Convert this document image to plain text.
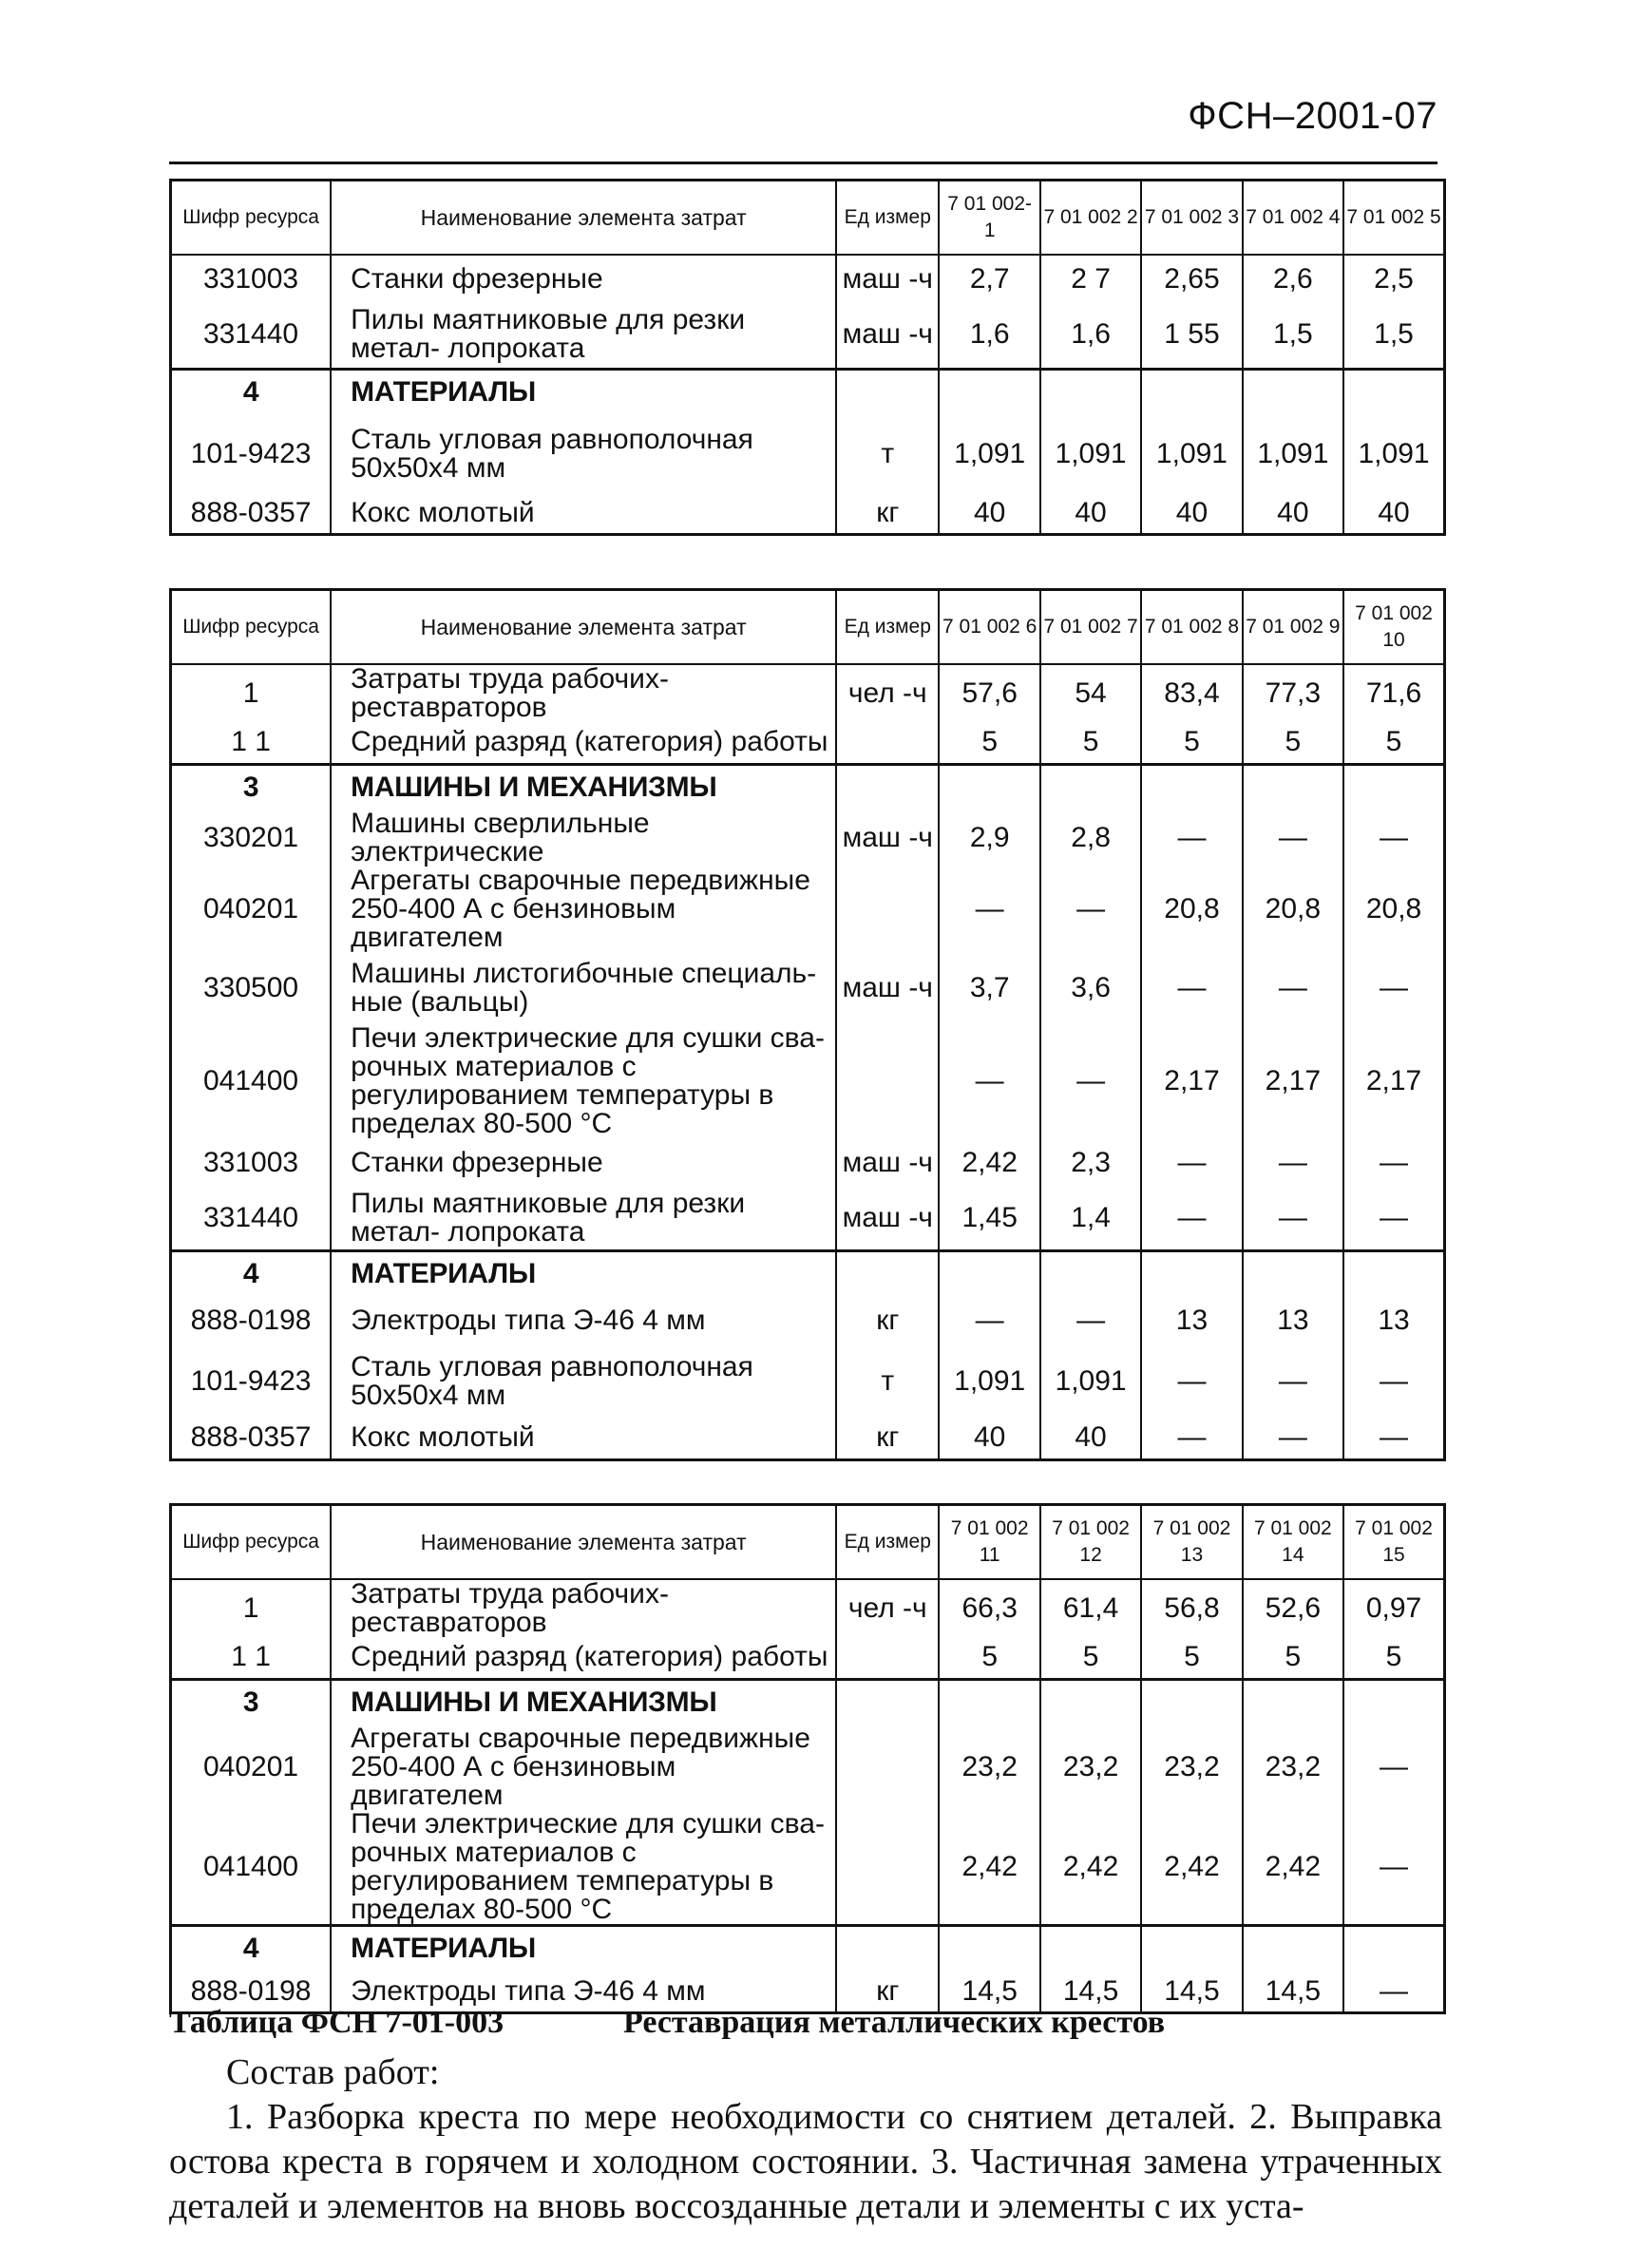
ФСН–2001-07
Шифр ресурса	Наименование элемента затрат	Ед измер	7 01 002-1	7 01 002 2	7 01 002 3	7 01 002 4	7 01 002 5
331003	Станки фрезерные	маш -ч	2,7	2 7	2,65	2,6	2,5
331440	Пилы маятниковые для резки метал- лопроката	маш -ч	1,6	1,6	1 55	1,5	1,5
4	МАТЕРИАЛЫ						
101-9423	Сталь угловая равнополочная 50x50x4 мм	т	1,091	1,091	1,091	1,091	1,091
888-0357	Кокс молотый	кг	40	40	40	40	40
Шифр ресурса	Наименование элемента затрат	Ед измер	7 01 002 6	7 01 002 7	7 01 002 8	7 01 002 9	7 01 002 10
1	Затраты труда рабочих-реставраторов	чел -ч	57,6	54	83,4	77,3	71,6
1 1	Средний разряд (категория) работы		5	5	5	5	5
3	МАШИНЫ И МЕХАНИЗМЫ						
330201	Машины сверлильные электрические	маш -ч	2,9	2,8	—	—	—
040201	Агрегаты сварочные передвижные 250-400 А с бензиновым двигателем		—	—	20,8	20,8	20,8
330500	Машины листогибочные специаль- ные (вальцы)	маш -ч	3,7	3,6	—	—	—
041400	Печи электрические для сушки сва- рочных материалов с регулированием температуры в пределах 80-500 °С		—	—	2,17	2,17	2,17
331003	Станки фрезерные	маш -ч	2,42	2,3	—	—	—
331440	Пилы маятниковые для резки метал- лопроката	маш -ч	1,45	1,4	—	—	—
4	МАТЕРИАЛЫ						
888-0198	Электроды типа Э-46 4 мм	кг	—	—	13	13	13
101-9423	Сталь угловая равнополочная 50x50x4 мм	т	1,091	1,091	—	—	—
888-0357	Кокс молотый	кг	40	40	—	—	—
Шифр ресурса	Наименование элемента затрат	Ед измер	7 01 002 11	7 01 002 12	7 01 002 13	7 01 002 14	7 01 002 15
1	Затраты труда рабочих-реставраторов	чел -ч	66,3	61,4	56,8	52,6	0,97
1 1	Средний разряд (категория) работы		5	5	5	5	5
3	МАШИНЫ И МЕХАНИЗМЫ						
040201	Агрегаты сварочные передвижные 250-400 А с бензиновым двигателем		23,2	23,2	23,2	23,2	—
041400	Печи электрические для сушки сва- рочных материалов с регулированием температуры в пределах 80-500 °С		2,42	2,42	2,42	2,42	—
4	МАТЕРИАЛЫ						
888-0198	Электроды типа Э-46 4 мм	кг	14,5	14,5	14,5	14,5	—
Таблица ФСН 7-01-003	Реставрация металлических крестов

Состав работ:

1. Разборка креста по мере необходимости со снятием деталей. 2. Выправка остова креста в горячем и холодном состоянии. 3. Частичная замена утраченных деталей и элементов на вновь воссозданные детали и элементы с их уста-
